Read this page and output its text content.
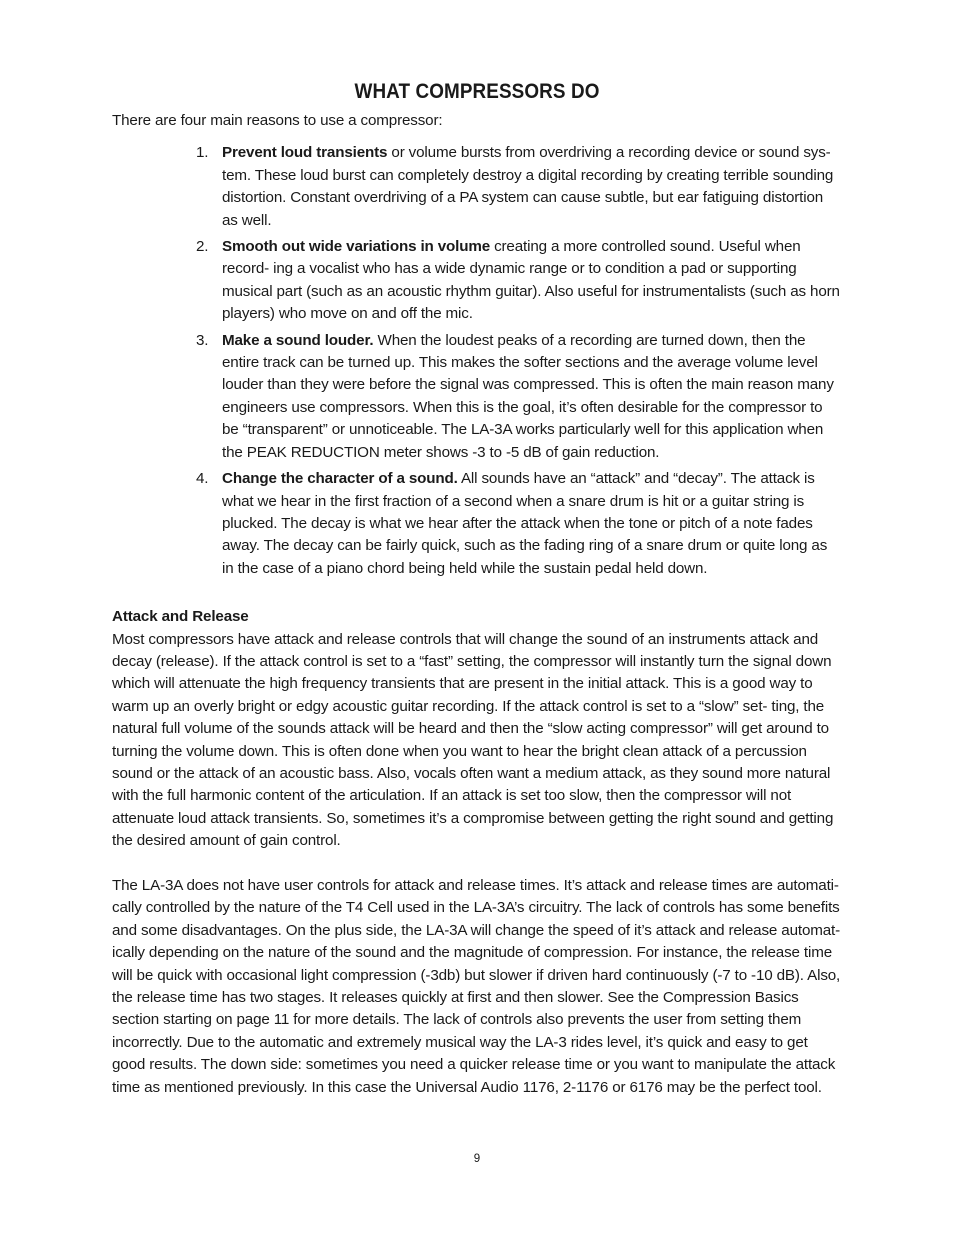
WHAT COMPRESSORS DO

There are four main reasons to use a compressor:

1. Prevent loud transients or volume bursts from overdriving a recording device or sound sys- tem. These loud burst can completely destroy a digital recording by creating terrible sounding distortion. Constant overdriving of a PA system can cause subtle, but ear fatiguing distortion as well.
2. Smooth out wide variations in volume creating a more controlled sound. Useful when record- ing a vocalist who has a wide dynamic range or to condition a pad or supporting musical part (such as an acoustic rhythm guitar). Also useful for instrumentalists (such as horn players) who move on and off the mic.
3. Make a sound louder. When the loudest peaks of a recording are turned down, then the entire track can be turned up. This makes the softer sections and the average volume level louder than they were before the signal was compressed. This is often the main reason many engineers use compressors. When this is the goal, it’s often desirable for the compressor to be “transparent” or unnoticeable. The LA-3A works particularly well for this application when the PEAK REDUCTION meter shows -3 to -5 dB of gain reduction.
4. Change the character of a sound. All sounds have an “attack” and “decay”. The attack is what we hear in the first fraction of a second when a snare drum is hit or a guitar string is plucked. The decay is what we hear after the attack when the tone or pitch of a note fades away. The decay can be fairly quick, such as the fading ring of a snare drum or quite long as in the case of a piano chord being held while the sustain pedal held down.
Attack and Release

Most compressors have attack and release controls that will change the sound of an instruments attack and decay (release). If the attack control is set to a “fast” setting, the compressor will instantly turn the signal down which will attenuate the high frequency transients that are present in the initial attack. This is a good way to warm up an overly bright or edgy acoustic guitar recording. If the attack control is set to a “slow” set- ting, the natural full volume of the sounds attack will be heard and then the “slow acting compressor” will get around to turning the volume down. This is often done when you want to hear the bright clean attack of a percussion sound or the attack of an acoustic bass. Also, vocals often want a medium attack, as they sound more natural with the full harmonic content of the articulation. If an attack is set too slow, then the compressor will not attenuate loud attack transients. So, sometimes it’s a compromise between getting the right sound and getting the desired amount of gain control.

The LA-3A does not have user controls for attack and release times. It’s attack and release times are automati- cally controlled by the nature of the T4 Cell used in the LA-3A’s circuitry. The lack of controls has some benefits and some disadvantages. On the plus side, the LA-3A will change the speed of it’s attack and release automat- ically depending on the nature of the sound and the magnitude of compression. For instance, the release time will be quick with occasional light compression (-3db) but slower if driven hard continuously (-7 to -10 dB). Also, the release time has two stages. It releases quickly at first and then slower. See the Compression Basics section starting on page 11 for more details. The lack of controls also prevents the user from setting them incorrectly. Due to the automatic and extremely musical way the LA-3 rides level, it’s quick and easy to get good results. The down side: sometimes you need a quicker release time or you want to manipulate the attack time as mentioned previously. In this case the Universal Audio 1176, 2-1176 or 6176 may be the perfect tool.

9
